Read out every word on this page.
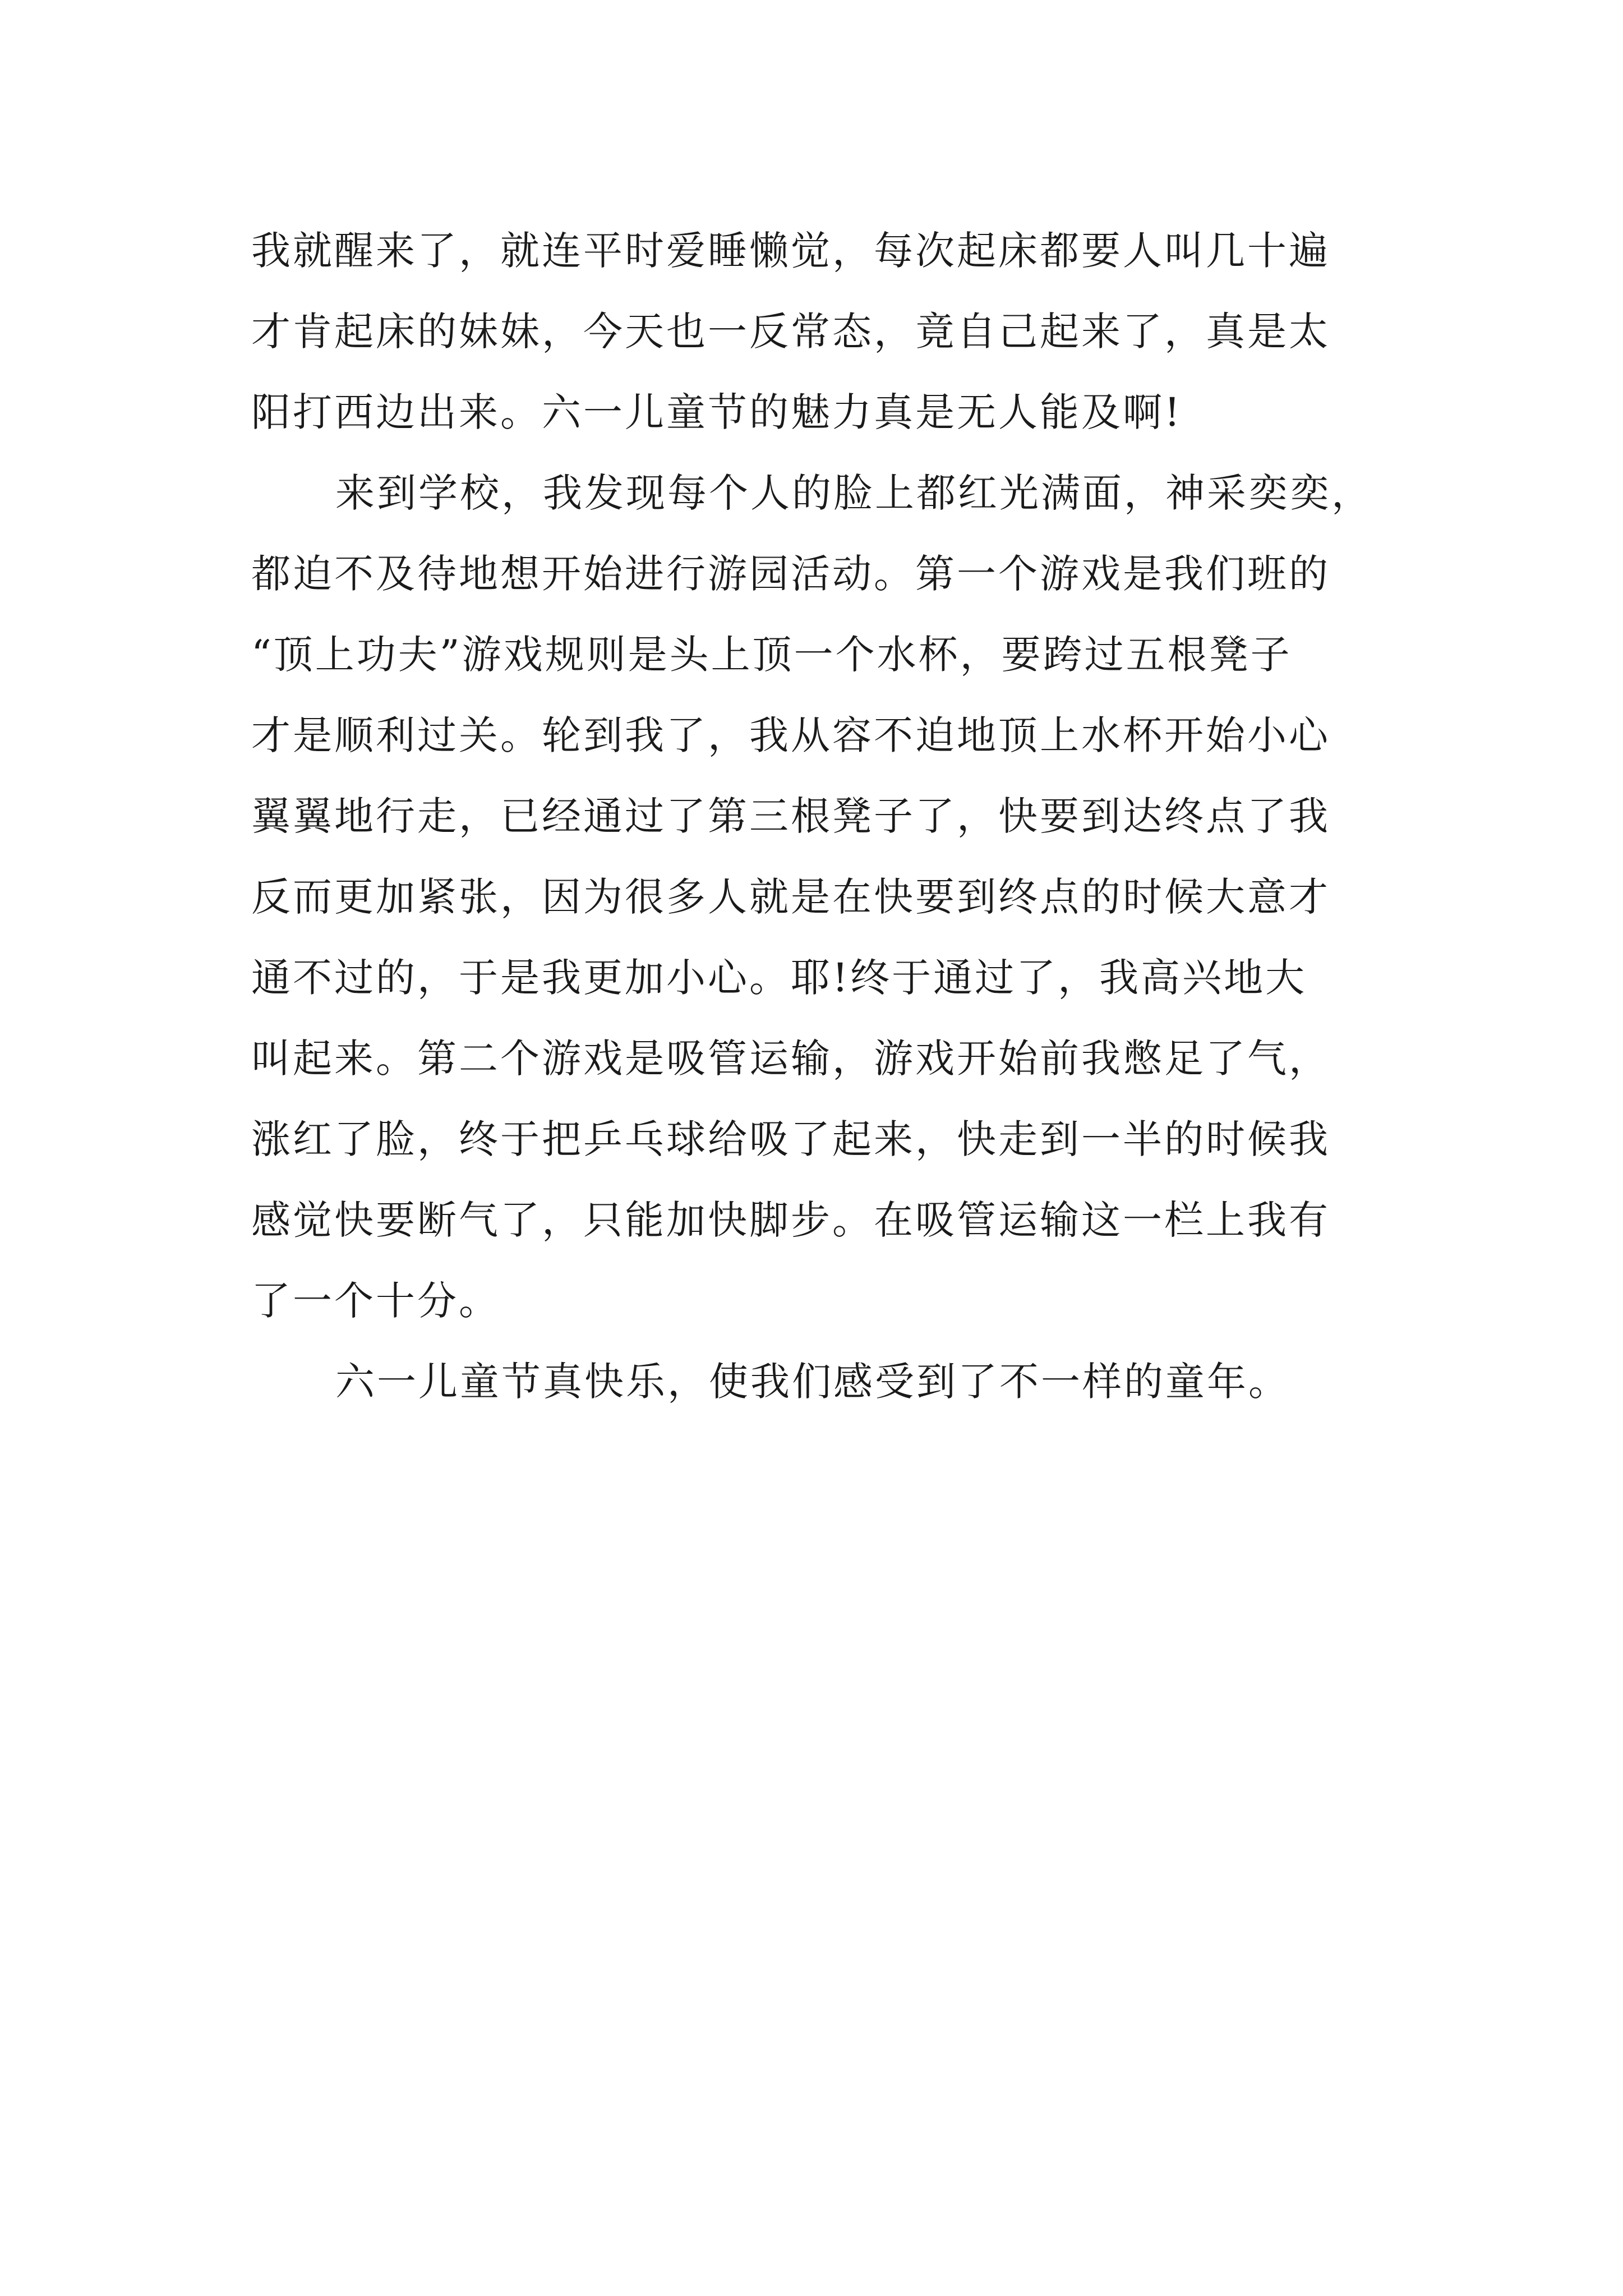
我就醒来了，就连平时爱睡懒觉，每次起床都要人叫几十遍
才肯起床的妹妹，今天也一反常态，竟自己起来了，真是太
阳打西边出来。六一儿童节的魅力真是无人能及啊!
来到学校，我发现每个人的脸上都红光满面，神采奕奕，
都迫不及待地想开始进行游园活动。第一个游戏是我们班的
“顶上功夫”游戏规则是头上顶一个水杯，要跨过五根凳子
才是顺利过关。轮到我了，我从容不迫地顶上水杯开始小心
翼翼地行走，已经通过了第三根凳子了，快要到达终点了我
反而更加紧张，因为很多人就是在快要到终点的时候大意才
通不过的，于是我更加小心。耶!终于通过了，我高兴地大
叫起来。第二个游戏是吸管运输，游戏开始前我憋足了气，
涨红了脸，终于把乒乓球给吸了起来，快走到一半的时候我
感觉快要断气了，只能加快脚步。在吸管运输这一栏上我有
了一个十分。
六一儿童节真快乐，使我们感受到了不一样的童年。
